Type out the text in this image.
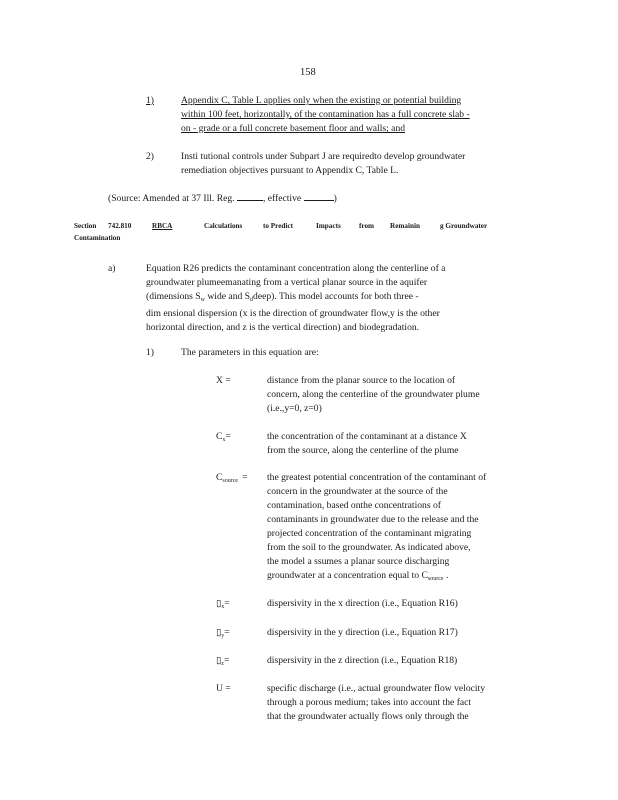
158
1)	Appendix C, Table L applies only when the existing or potential building
within 100 feet, horizontally, of the contamination has a full concrete slab -
on - grade or a full concrete basement floor and walls; and
2)	Insti tutional controls under Subpart J are requiredto develop groundwater
remediation objectives pursuant to Appendix C, Table L.
(Source: Amended at 37 Ill. Reg.	, effective	)
Section 742.810	RBCA	Calculations	to Predict	Impacts	from Remainin	g Groundwater
Contamination
a)	Equation R26 predicts the contaminant concentration along the centerline of a
groundwater plumeemanating from a vertical planar source in the aquifer
(dimensions $S_w$ wide and $S_ddeep$). This model accounts for both three -
dim ensional dispersion (x is the direction of groundwater flow,y is the other
horizontal direction, and z is the vertical direction) and biodegradation.
1)	The parameters in this equation are:
X =	distance from the planar source to the location of
concern, along the centerline of the groundwater plume
(i.e.,y=0, z=0)
$C_x=$	the concentration of the contaminant at a distance X
from the source, along the centerline of the plume
$C_{source}$ =	the greatest potential concentration of the contaminant of
concern in the groundwater at the source of the
contamination, based onthe concentrations of
contaminants in groundwater due to the release and the
projected concentration of the contaminant migrating
from the soil to the groundwater. As indicated above,
the model a ssumes a planar source discharging
groundwater at a concentration equal to $C_{source}$ .
$▯_x=$	dispersivity in the x direction (i.e., Equation R16)
$▯_y=$	dispersivity in the y direction (i.e., Equation R17)
$▯_z=$	dispersivity in the z direction (i.e., Equation R18)
U =	specific discharge (i.e., actual groundwater flow velocity
through a porous medium; takes into account the fact
that the groundwater actually flows only through the
